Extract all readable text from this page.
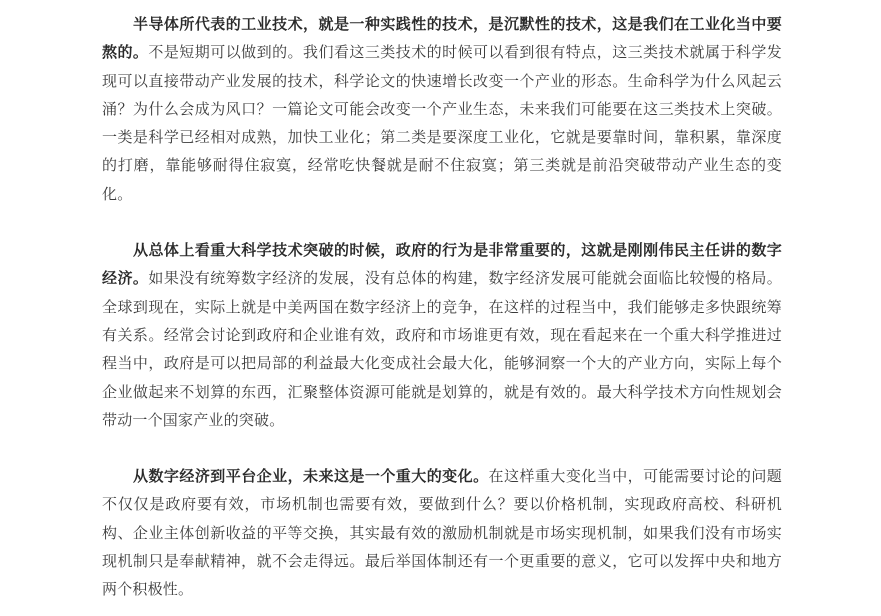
半导体所代表的工业技术，就是一种实践性的技术，是沉默性的技术，这是我们在工业化当中要熬的。不是短期可以做到的。我们看这三类技术的时候可以看到很有特点，这三类技术就属于科学发现可以直接带动产业发展的技术，科学论文的快速增长改变一个产业的形态。生命科学为什么风起云涌？为什么会成为风口？一篇论文可能会改变一个产业生态，未来我们可能要在这三类技术上突破。一类是科学已经相对成熟，加快工业化；第二类是要深度工业化，它就是要靠时间，靠积累，靠深度的打磨，靠能够耐得住寂寞，经常吃快餐就是耐不住寂寞；第三类就是前沿突破带动产业生态的变化。

从总体上看重大科学技术突破的时候，政府的行为是非常重要的，这就是刚刚伟民主任讲的数字经济。如果没有统筹数字经济的发展，没有总体的构建，数字经济发展可能就会面临比较慢的格局。全球到现在，实际上就是中美两国在数字经济上的竞争，在这样的过程当中，我们能够走多快跟统筹有关系。经常会讨论到政府和企业谁有效，政府和市场谁更有效，现在看起来在一个重大科学推进过程当中，政府是可以把局部的利益最大化变成社会最大化，能够洞察一个大的产业方向，实际上每个企业做起来不划算的东西，汇聚整体资源可能就是划算的，就是有效的。最大科学技术方向性规划会带动一个国家产业的突破。

从数字经济到平台企业，未来这是一个重大的变化。在这样重大变化当中，可能需要讨论的问题不仅仅是政府要有效，市场机制也需要有效，要做到什么？要以价格机制，实现政府高校、科研机构、企业主体创新收益的平等交换，其实最有效的激励机制就是市场实现机制，如果我们没有市场实现机制只是奉献精神，就不会走得远。最后举国体制还有一个更重要的意义，它可以发挥中央和地方两个积极性。
